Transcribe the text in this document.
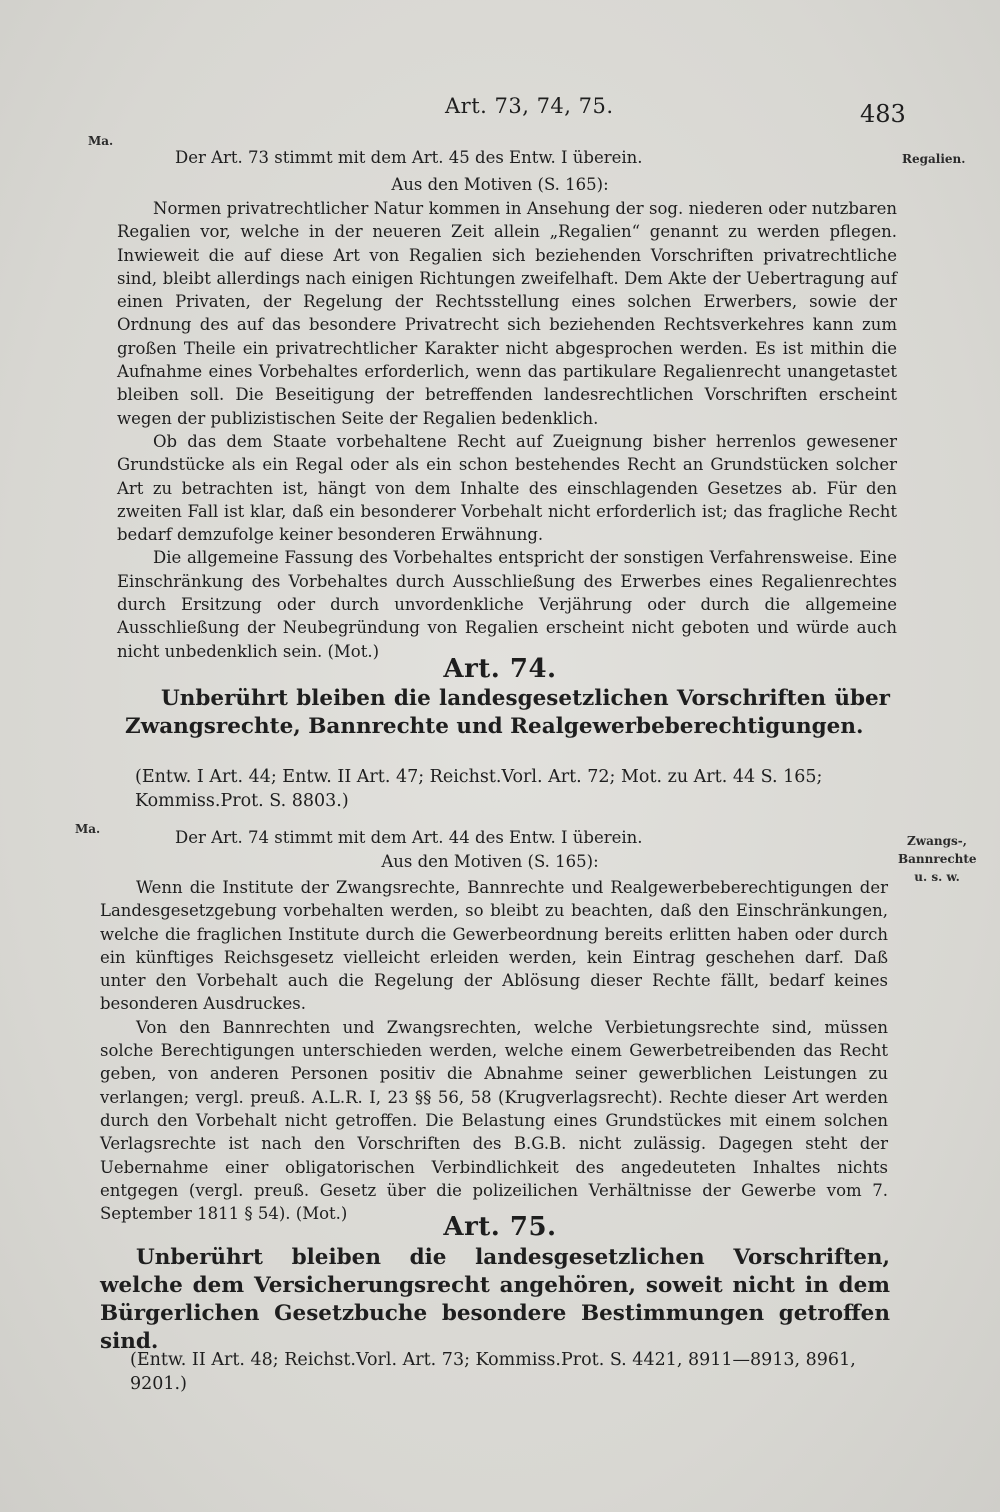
Art. 73, 74, 75.	483
Ma.
Regalien.
Ma.
Zwangs-,
Bannrechte
u. s. w.

Der Art. 73 stimmt mit dem Art. 45 des Entw. I überein.

Aus den Motiven (S. 165):

Normen privatrechtlicher Natur kommen in Ansehung der sog. niederen oder nutzbaren Regalien vor, welche in der neueren Zeit allein „Regalien“ genannt zu werden pflegen. Inwieweit die auf diese Art von Regalien sich beziehenden Vorschriften privatrechtliche sind, bleibt allerdings nach einigen Richtungen zweifelhaft. Dem Akte der Uebertragung auf einen Privaten, der Regelung der Rechtsstellung eines solchen Erwerbers, sowie der Ordnung des auf das besondere Privatrecht sich beziehenden Rechtsverkehres kann zum großen Theile ein privatrechtlicher Karakter nicht abgesprochen werden. Es ist mithin die Aufnahme eines Vorbehaltes erforderlich, wenn das partikulare Regalienrecht unangetastet bleiben soll. Die Beseitigung der betreffenden landesrechtlichen Vorschriften erscheint wegen der publizistischen Seite der Regalien bedenklich.

Ob das dem Staate vorbehaltene Recht auf Zueignung bisher herrenlos gewesener Grundstücke als ein Regal oder als ein schon bestehendes Recht an Grundstücken solcher Art zu betrachten ist, hängt von dem Inhalte des einschlagenden Gesetzes ab. Für den zweiten Fall ist klar, daß ein besonderer Vorbehalt nicht erforderlich ist; das fragliche Recht bedarf demzufolge keiner besonderen Erwähnung.

Die allgemeine Fassung des Vorbehaltes entspricht der sonstigen Verfahrensweise. Eine Einschränkung des Vorbehaltes durch Ausschließung des Erwerbes eines Regalienrechtes durch Ersitzung oder durch unvordenkliche Verjährung oder durch die allgemeine Ausschließung der Neubegründung von Regalien erscheint nicht geboten und würde auch nicht unbedenklich sein. (Mot.)

Art. 74.
Unberührt bleiben die landesgesetzlichen Vorschriften über Zwangsrechte, Bannrechte und Realgewerbeberechtigungen.
(Entw. I Art. 44; Entw. II Art. 47; Reichst.Vorl. Art. 72; Mot. zu Art. 44 S. 165; Kommiss.Prot. S. 8803.)

Der Art. 74 stimmt mit dem Art. 44 des Entw. I überein.

Aus den Motiven (S. 165):

Wenn die Institute der Zwangsrechte, Bannrechte und Realgewerbeberechtigungen der Landesgesetzgebung vorbehalten werden, so bleibt zu beachten, daß den Einschränkungen, welche die fraglichen Institute durch die Gewerbeordnung bereits erlitten haben oder durch ein künftiges Reichsgesetz vielleicht erleiden werden, kein Eintrag geschehen darf. Daß unter den Vorbehalt auch die Regelung der Ablösung dieser Rechte fällt, bedarf keines besonderen Ausdruckes.

Von den Bannrechten und Zwangsrechten, welche Verbietungsrechte sind, müssen solche Berechtigungen unterschieden werden, welche einem Gewerbetreibenden das Recht geben, von anderen Personen positiv die Abnahme seiner gewerblichen Leistungen zu verlangen; vergl. preuß. A.L.R. I, 23 §§ 56, 58 (Krugverlagsrecht). Rechte dieser Art werden durch den Vorbehalt nicht getroffen. Die Belastung eines Grundstückes mit einem solchen Verlagsrechte ist nach den Vorschriften des B.G.B. nicht zulässig. Dagegen steht der Uebernahme einer obligatorischen Verbindlichkeit des angedeuteten Inhaltes nichts entgegen (vergl. preuß. Gesetz über die polizeilichen Verhältnisse der Gewerbe vom 7. September 1811 § 54). (Mot.)	Art. 75.
Unberührt bleiben die landesgesetzlichen Vorschriften, welche dem Versicherungsrecht angehören, soweit nicht in dem Bürgerlichen Gesetzbuche besondere Bestimmungen getroffen sind.
(Entw. II Art. 48; Reichst.Vorl. Art. 73; Kommiss.Prot. S. 4421, 8911—8913, 8961, 9201.)
